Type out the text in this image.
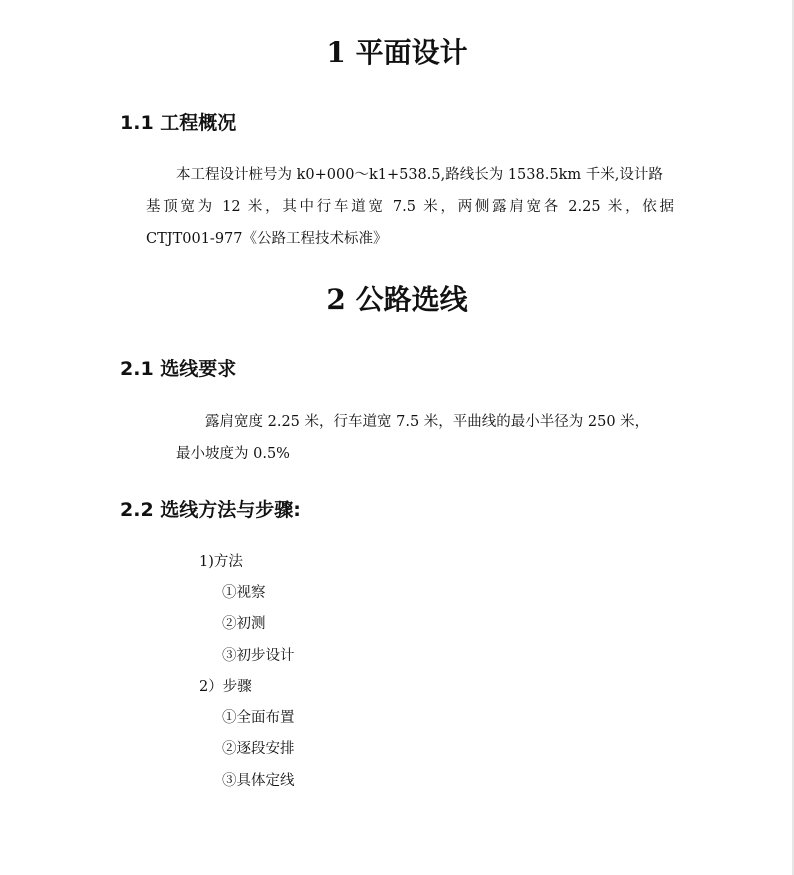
1 平面设计
1.1 工程概况
本工程设计桩号为 k0+000～k1+538.5,路线长为 1538.5km 千米,设计路
基顶宽为 12 米，其中行车道宽 7.5 米，两侧露肩宽各 2.25 米，依据
CTJT001-977《公路工程技术标准》
2 公路选线
2.1 选线要求
露肩宽度 2.25 米，行车道宽 7.5 米，平曲线的最小半径为 250 米，
最小坡度为 0.5%
2.2 选线方法与步骤:
1)方法
①视察
②初测
③初步设计
2）步骤
①全面布置
②逐段安排
③具体定线
